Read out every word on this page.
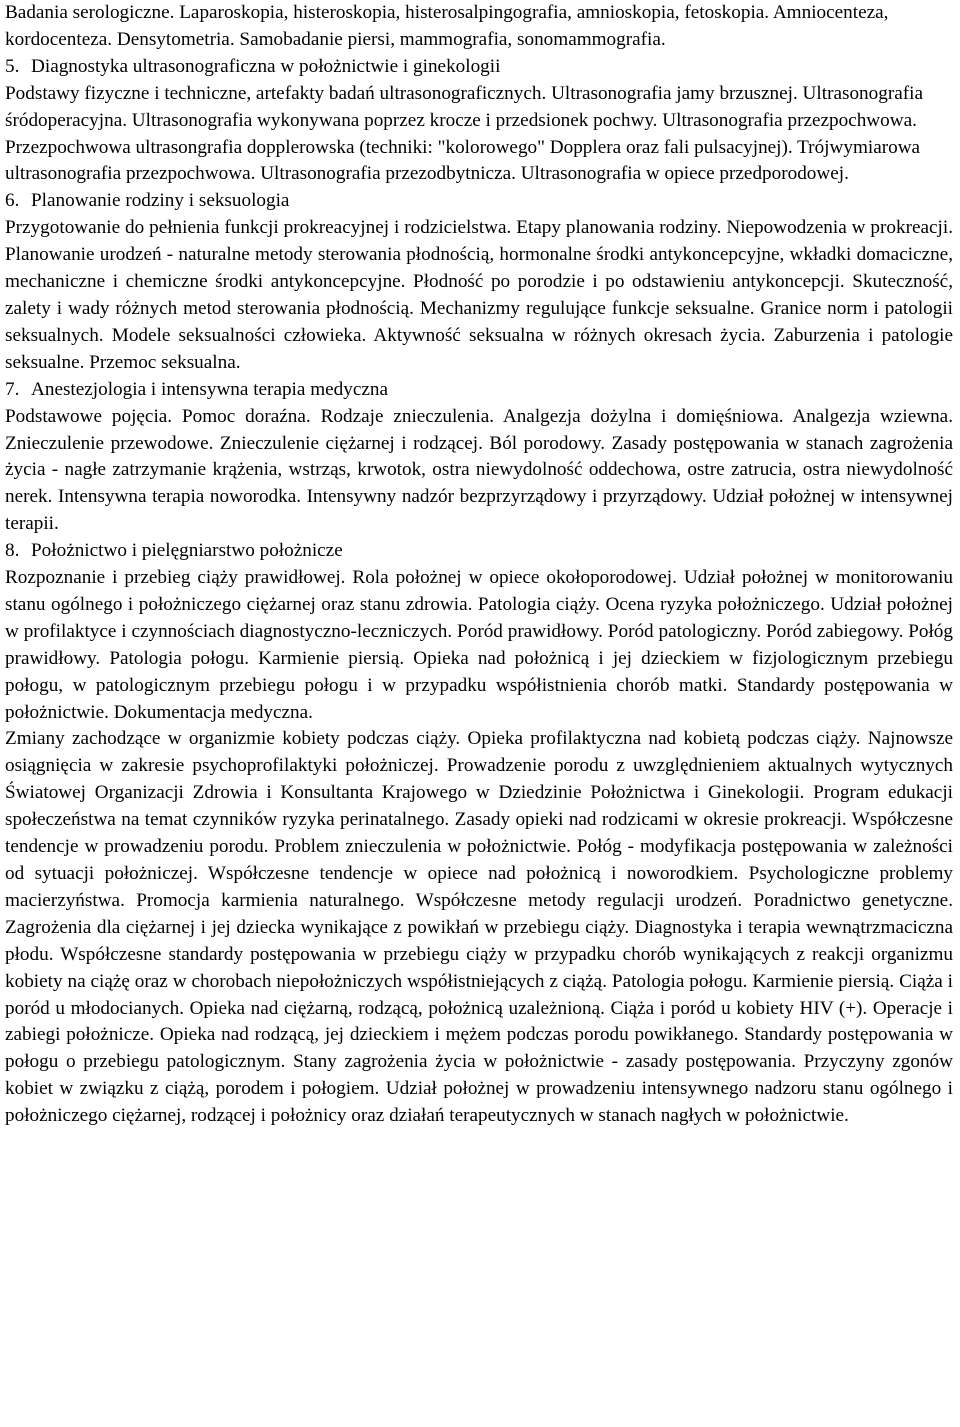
Badania serologiczne. Laparoskopia, histeroskopia, histerosalpingografia, amnioskopia, fetoskopia. Amniocenteza, kordocenteza. Densytometria. Samobadanie piersi, mammografia, sonomammografia.

5. Diagnostyka ultrasonograficzna w położnictwie i ginekologii

Podstawy fizyczne i techniczne, artefakty badań ultrasonograficznych. Ultrasonografia jamy brzusznej. Ultrasonografia śródoperacyjna. Ultrasonografia wykonywana poprzez krocze i przedsionek pochwy. Ultrasonografia przezpochwowa. Przezpochwowa ultrasongrafia dopplerowska (techniki: "kolorowego" Dopplera oraz fali pulsacyjnej). Trójwymiarowa ultrasonografia przezpochwowa. Ultrasonografia przezodbytnicza. Ultrasonografia w opiece przedporodowej.

6. Planowanie rodziny i seksuologia

Przygotowanie do pełnienia funkcji prokreacyjnej i rodzicielstwa. Etapy planowania rodziny. Niepowodzenia w prokreacji. Planowanie urodzeń - naturalne metody sterowania płodnością, hormonalne środki antykoncepcyjne, wkładki domaciczne, mechaniczne i chemiczne środki antykoncepcyjne. Płodność po porodzie i po odstawieniu antykoncepcji. Skuteczność, zalety i wady różnych metod sterowania płodnością. Mechanizmy regulujące funkcje seksualne. Granice norm i patologii seksualnych. Modele seksualności człowieka. Aktywność seksualna w różnych okresach życia. Zaburzenia i patologie seksualne. Przemoc seksualna.

7. Anestezjologia i intensywna terapia medyczna

Podstawowe pojęcia. Pomoc doraźna. Rodzaje znieczulenia. Analgezja dożylna i domięśniowa. Analgezja wziewna. Znieczulenie przewodowe. Znieczulenie ciężarnej i rodzącej. Ból porodowy. Zasady postępowania w stanach zagrożenia życia - nagłe zatrzymanie krążenia, wstrząs, krwotok, ostra niewydolność oddechowa, ostre zatrucia, ostra niewydolność nerek. Intensywna terapia noworodka. Intensywny nadzór bezprzyrządowy i przyrządowy. Udział położnej w intensywnej terapii.

8. Położnictwo i pielęgniarstwo położnicze

Rozpoznanie i przebieg ciąży prawidłowej. Rola położnej w opiece okołoporodowej. Udział położnej w monitorowaniu stanu ogólnego i położniczego ciężarnej oraz stanu zdrowia. Patologia ciąży. Ocena ryzyka położniczego. Udział położnej w profilaktyce i czynnościach diagnostyczno-leczniczych. Poród prawidłowy. Poród patologiczny. Poród zabiegowy. Połóg prawidłowy. Patologia połogu. Karmienie piersią. Opieka nad położnicą i jej dzieckiem w fizjologicznym przebiegu połogu, w patologicznym przebiegu połogu i w przypadku współistnienia chorób matki. Standardy postępowania w położnictwie. Dokumentacja medyczna.

Zmiany zachodzące w organizmie kobiety podczas ciąży. Opieka profilaktyczna nad kobietą podczas ciąży. Najnowsze osiągnięcia w zakresie psychoprofilaktyki położniczej. Prowadzenie porodu z uwzględnieniem aktualnych wytycznych Światowej Organizacji Zdrowia i Konsultanta Krajowego w Dziedzinie Położnictwa i Ginekologii. Program edukacji społeczeństwa na temat czynników ryzyka perinatalnego. Zasady opieki nad rodzicami w okresie prokreacji. Współczesne tendencje w prowadzeniu porodu. Problem znieczulenia w położnictwie. Połóg - modyfikacja postępowania w zależności od sytuacji położniczej. Współczesne tendencje w opiece nad położnicą i noworodkiem. Psychologiczne problemy macierzyństwa. Promocja karmienia naturalnego. Współczesne metody regulacji urodzeń. Poradnictwo genetyczne. Zagrożenia dla ciężarnej i jej dziecka wynikające z powikłań w przebiegu ciąży. Diagnostyka i terapia wewnątrzmaciczna płodu. Współczesne standardy postępowania w przebiegu ciąży w przypadku chorób wynikających z reakcji organizmu kobiety na ciążę oraz w chorobach niepołożniczych współistniejących z ciążą. Patologia połogu. Karmienie piersią. Ciąża i poród u młodocianych. Opieka nad ciężarną, rodzącą, położnicą uzależnioną. Ciąża i poród u kobiety HIV (+). Operacje i zabiegi położnicze. Opieka nad rodzącą, jej dzieckiem i mężem podczas porodu powikłanego. Standardy postępowania w połogu o przebiegu patologicznym. Stany zagrożenia życia w położnictwie - zasady postępowania. Przyczyny zgonów kobiet w związku z ciążą, porodem i połogiem. Udział położnej w prowadzeniu intensywnego nadzoru stanu ogólnego i położniczego ciężarnej, rodzącej i położnicy oraz działań terapeutycznych w stanach nagłych w położnictwie.
